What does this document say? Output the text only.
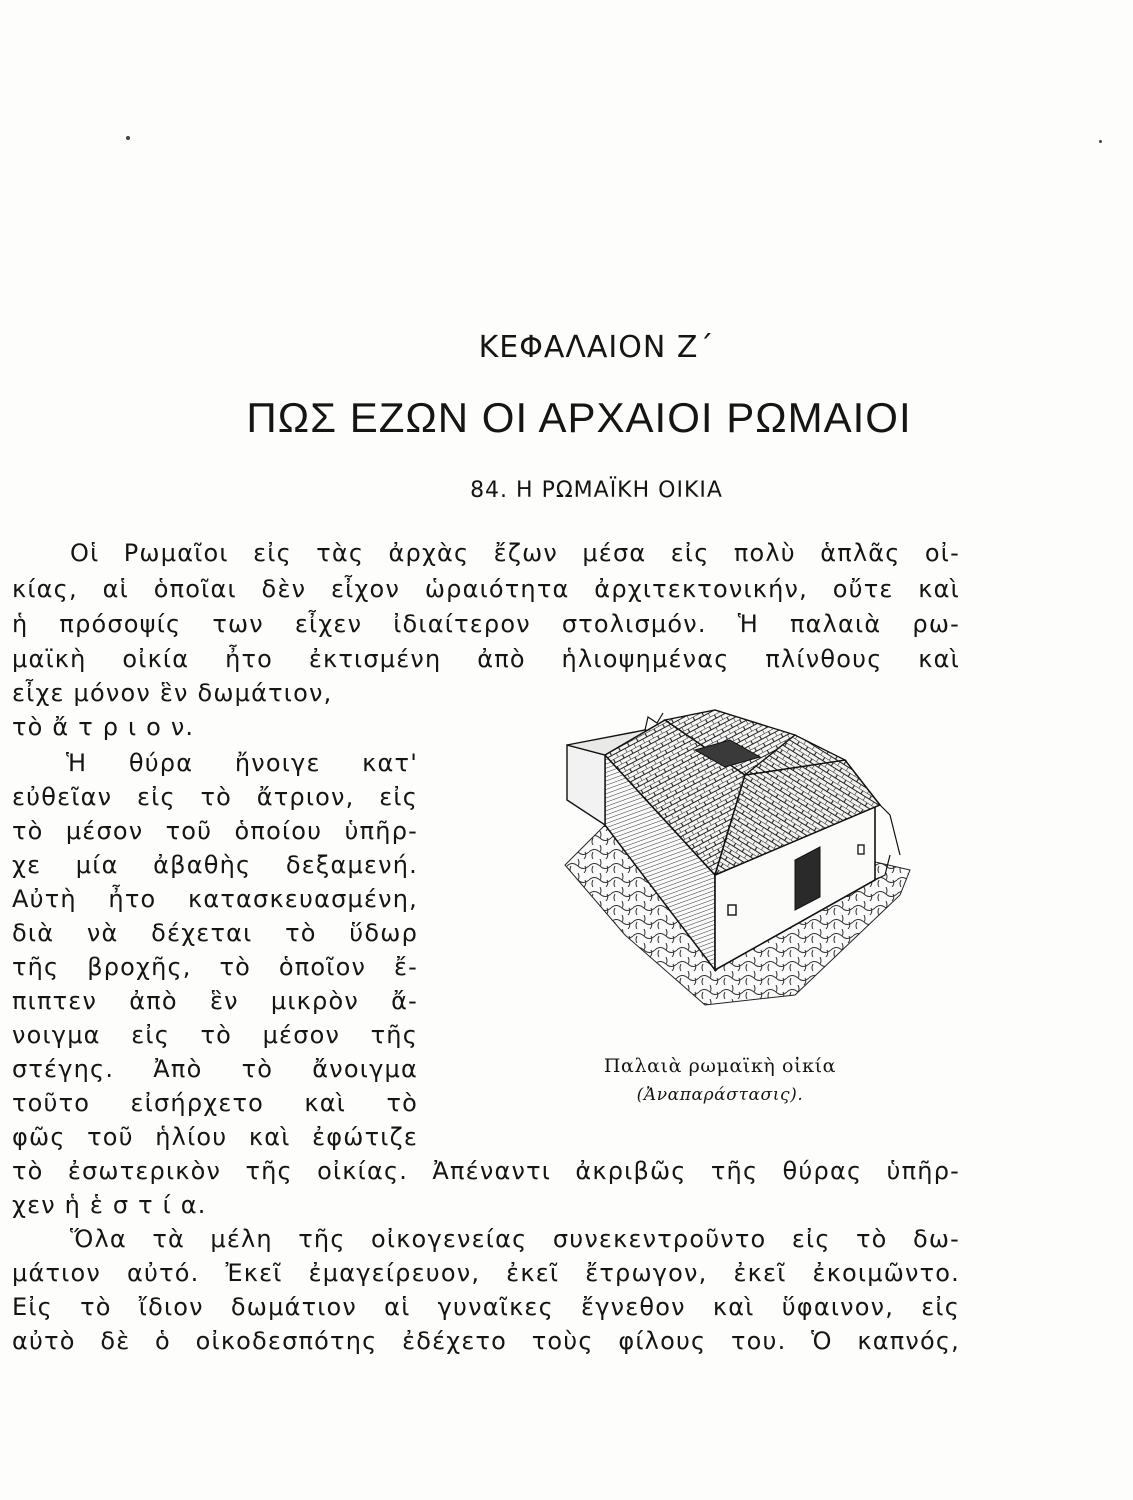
ΚΕΦΑΛΑΙΟΝ Ζ΄
ΠΩΣ ΕΖΩΝ ΟΙ ΑΡΧΑΙΟΙ ΡΩΜΑΙΟΙ
84. Η ΡΩΜΑΪΚΗ ΟΙΚΙΑ
Οἱ Ρωμαῖοι εἰς τὰς ἀρχὰς ἔζων μέσα εἰς πολὺ ἁπλᾶς οἰ-
κίας, αἱ ὁποῖαι δὲν εἶχον ὡραιότητα ἀρχιτεκτονικήν, οὔτε καὶ
ἡ πρόσοψίς των εἶχεν ἰδιαίτερον στολισμόν. Ἡ παλαιὰ ρω-
μαϊκὴ οἰκία ἦτο ἐκτισμένη ἀπὸ ἡλιοψημένας πλίνθους καὶ
εἶχε μόνον ἓν δωμάτιον,
τὸ ἄ τ ρ ι ο ν.
Ἡ θύρα ἤνοιγε κατ'
εὐθεῖαν εἰς τὸ ἄτριον, εἰς
τὸ μέσον τοῦ ὁποίου ὑπῆρ-
χε μία ἀβαθὴς δεξαμενή.
Αὐτὴ ἦτο κατασκευασμένη,
διὰ νὰ δέχεται τὸ ὕδωρ
τῆς βροχῆς, τὸ ὁποῖον ἔ-
πιπτεν ἀπὸ ἓν μικρὸν ἄ-
νοιγμα εἰς τὸ μέσον τῆς
στέγης. Ἀπὸ τὸ ἄνοιγμα
τοῦτο εἰσήρχετο καὶ τὸ
φῶς τοῦ ἡλίου καὶ ἐφώτιζε
τὸ ἐσωτερικὸν τῆς οἰκίας. Ἀπέναντι ἀκριβῶς τῆς θύρας ὑπῆρ-
χεν ἡ ἑ σ τ ί α.
Ὅλα τὰ μέλη τῆς οἰκογενείας συνεκεντροῦντο εἰς τὸ δω-
μάτιον αὐτό. Ἐκεῖ ἐμαγείρευον, ἐκεῖ ἔτρωγον, ἐκεῖ ἐκοιμῶντο.
Εἰς τὸ ἴδιον δωμάτιον αἱ γυναῖκες ἔγνεθον καὶ ὕφαινον, εἰς
αὐτὸ δὲ ὁ οἰκοδεσπότης ἐδέχετο τοὺς φίλους του. Ὁ καπνός,
Παλαιὰ ρωμαϊκὴ οἰκία
(Ἀναπαράστασις).
